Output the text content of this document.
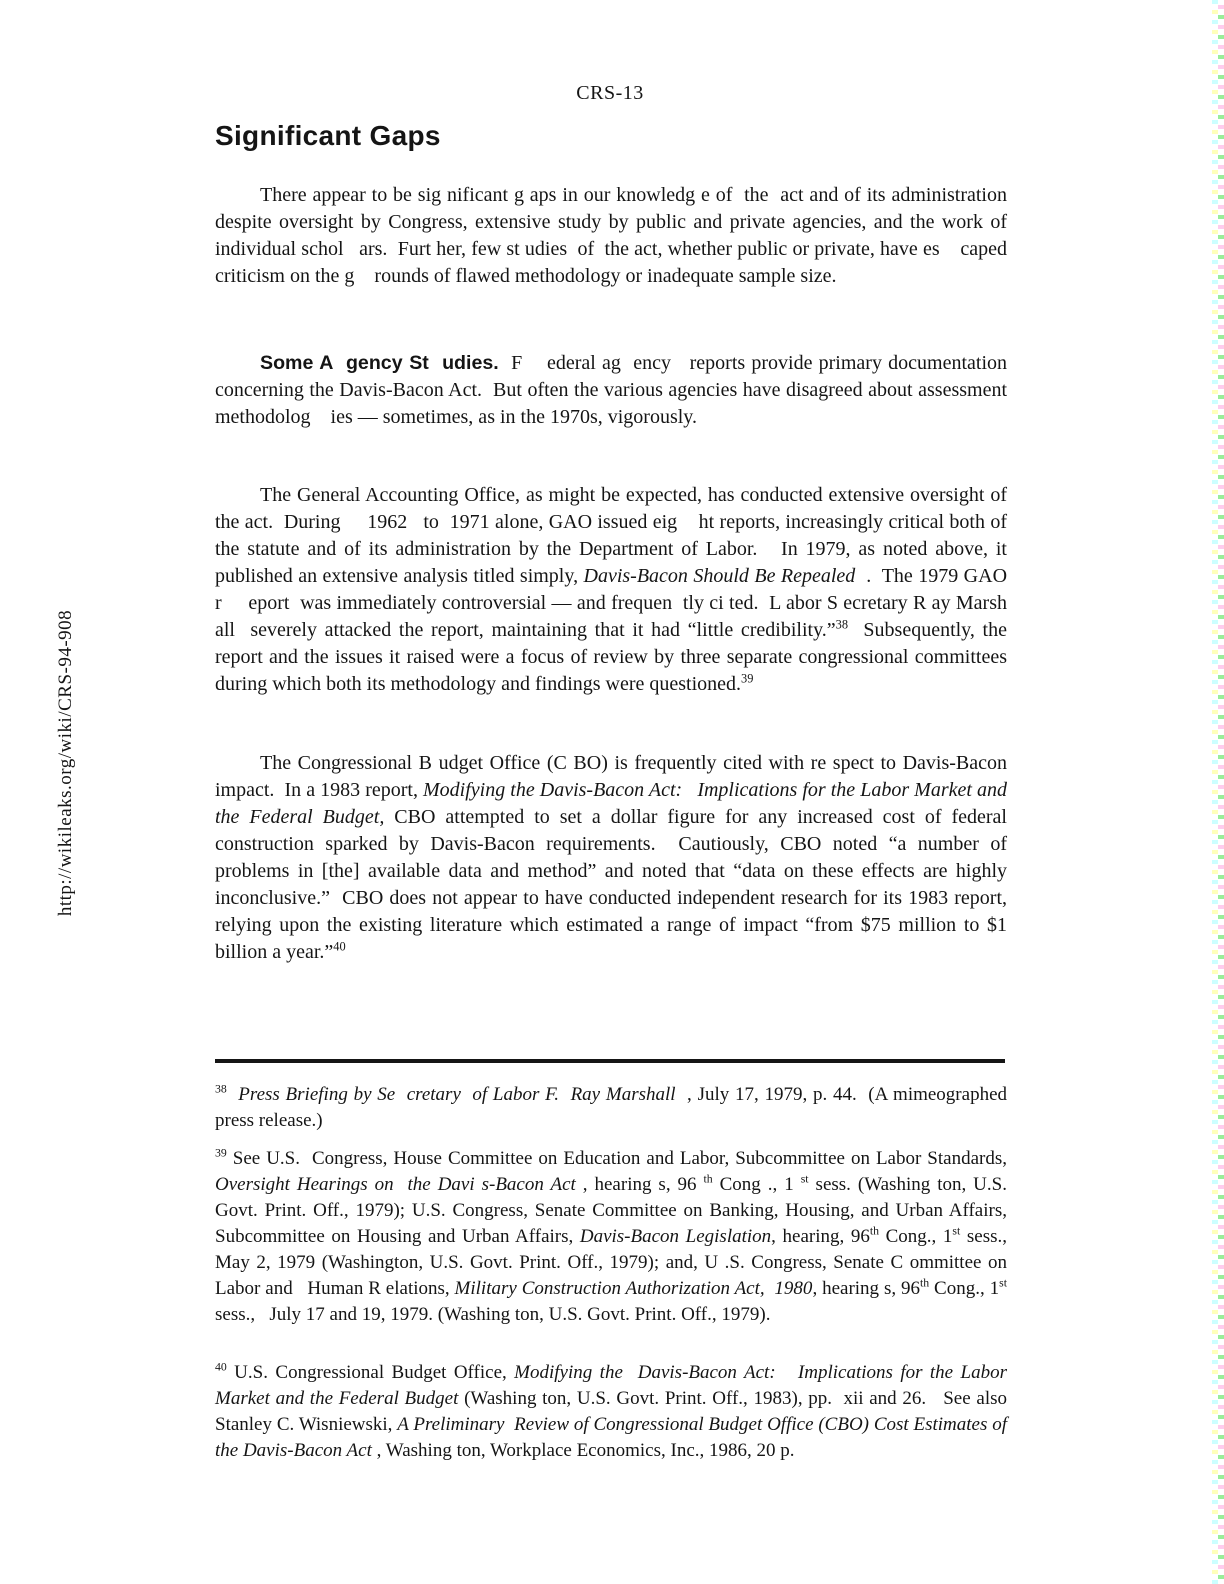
CRS-13
Significant Gaps

There appear to be sig nificant g aps in our knowledg e of  the  act and of its administration despite oversight by Congress, extensive study by public and private agencies, and the work of individual schol   ars.  Furt her, few st udies  of  the act, whether public or private, have es    caped criticism on the g    rounds of flawed methodology or inadequate sample size.

Some A  gency St  udies.  F    ederal ag  ency   reports provide primary documentation concerning the Davis-Bacon Act.  But often the various agencies have disagreed about assessment methodolog    ies — sometimes, as in the 1970s, vigorously.

The General Accounting Office, as might be expected, has conducted extensive oversight of the act.  During     1962   to  1971 alone, GAO issued eig    ht reports, increasingly critical both of the statute and of its administration by the Department of Labor.   In 1979, as noted above, it published an extensive analysis titled simply, Davis-Bacon Should Be Repealed  .  The 1979 GAO r     eport  was immediately controversial — and frequen  tly ci ted.  L abor S ecretary R ay Marsh all  severely attacked the report, maintaining that it had “little credibility.”$^{38}$  Subsequently, the report and the issues it raised were a focus of review by three separate congressional committees during which both its methodology and findings were questioned.$^{39}$

The Congressional B udget Office (C BO) is frequently cited with re spect to Davis-Bacon impact.  In a 1983 report, Modifying the Davis-Bacon Act:   Implications for the Labor Market and the Federal Budget, CBO attempted to set a dollar figure for any increased cost of federal construction sparked by Davis-Bacon requirements.  Cautiously, CBO noted “a number of problems in [the] available data and method” and noted that “data on these effects are highly inconclusive.”  CBO does not appear to have conducted independent research for its 1983 report, relying upon the existing literature which estimated a range of impact “from $75 million to $1 billion a year.”$^{40}$

http://wikileaks.org/wiki/CRS-94-908

$^{38}$ Press Briefing by Se  cretary  of Labor F.  Ray Marshall  , July 17, 1979, p. 44.  (A mimeographed press release.)

$^{39}$ See U.S.  Congress, House Committee on Education and Labor, Subcommittee on Labor Standards,  Oversight Hearings on  the Davi s-Bacon Act , hearing s, 96 $^{th}$ Cong ., 1 $^{st}$ sess. (Washing ton, U.S. Govt. Print. Off., 1979); U.S. Congress, Senate Committee on Banking, Housing, and Urban Affairs, Subcommittee on Housing and Urban Affairs, Davis-Bacon Legislation, hearing, 96th Cong., 1st sess., May 2, 1979 (Washington, U.S. Govt. Print. Off., 1979); and, U .S. Congress, Senate C ommittee on Labor and   Human R elations, Military Construction Authorization Act,  1980, hearing s, 96th Cong., 1st sess.,   July 17 and 19, 1979. (Washing ton, U.S. Govt. Print. Off., 1979).

$^{40}$ U.S. Congressional Budget Office, Modifying the  Davis-Bacon Act:   Implications for the Labor Market and the Federal Budget (Washing ton, U.S. Govt. Print. Off., 1983), pp.  xii and 26.   See also Stanley C. Wisniewski, A Preliminary  Review of Congressional Budget Office (CBO) Cost Estimates of the Davis-Bacon Act , Washing ton, Workplace Economics, Inc., 1986, 20 p.
